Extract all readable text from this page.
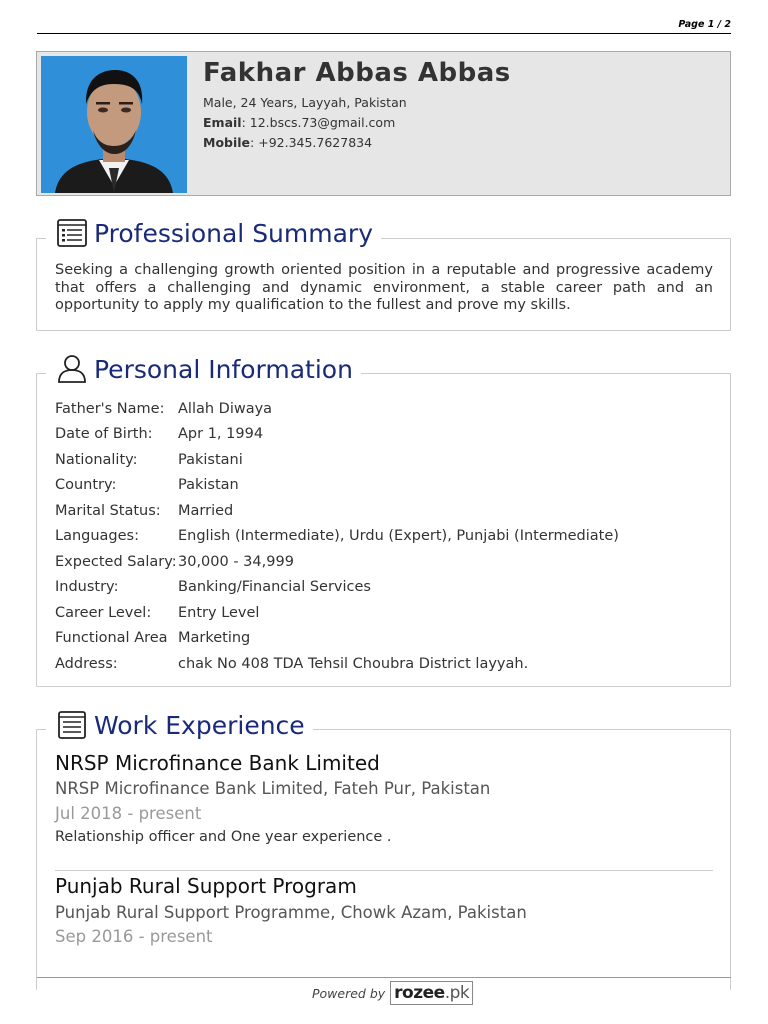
Page 1 / 2
Fakhar Abbas Abbas
Male, 24 Years, Layyah, Pakistan
Email: 12.bscs.73@gmail.com
Mobile: +92.345.7627834
Professional Summary
Seeking a challenging growth oriented position in a reputable and progressive academy that offers a challenging and dynamic environment, a stable career path and an opportunity to apply my qualification to the fullest and prove my skills.
Personal Information
Father's Name:	Allah Diwaya
Date of Birth:	Apr 1, 1994
Nationality:	Pakistani
Country:	Pakistan
Marital Status:	Married
Languages:	English (Intermediate), Urdu (Expert), Punjabi (Intermediate)
Expected Salary:	30,000 - 34,999
Industry:	Banking/Financial Services
Career Level:	Entry Level
Functional Area	Marketing
Address:	chak No 408 TDA Tehsil Choubra District layyah.
Work Experience
NRSP Microfinance Bank Limited
NRSP Microfinance Bank Limited, Fateh Pur, Pakistan
Jul 2018 - present
Relationship officer and One year experience .
Punjab Rural Support Program
Punjab Rural Support Programme, Chowk Azam, Pakistan
Sep 2016 - present
Powered by rozee.pk
